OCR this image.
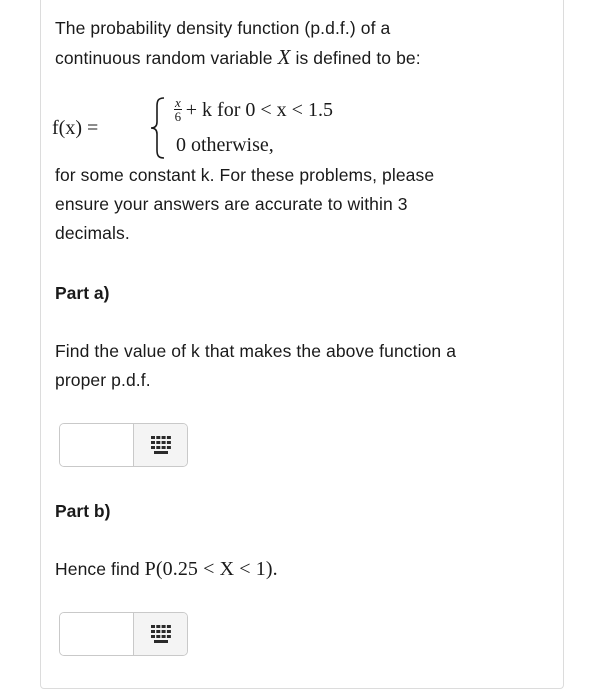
The probability density function (p.d.f.) of a
continuous random variable X is defined to be:
f(x) =
$\frac{x}{6} + k$ for 0 < x < 1.5
0 otherwise,
for some constant k. For these problems, please
ensure your answers are accurate to within 3
decimals.
Part a)
Find the value of k that makes the above function a
proper p.d.f.
Part b)
Hence find P(0.25 < X < 1).
